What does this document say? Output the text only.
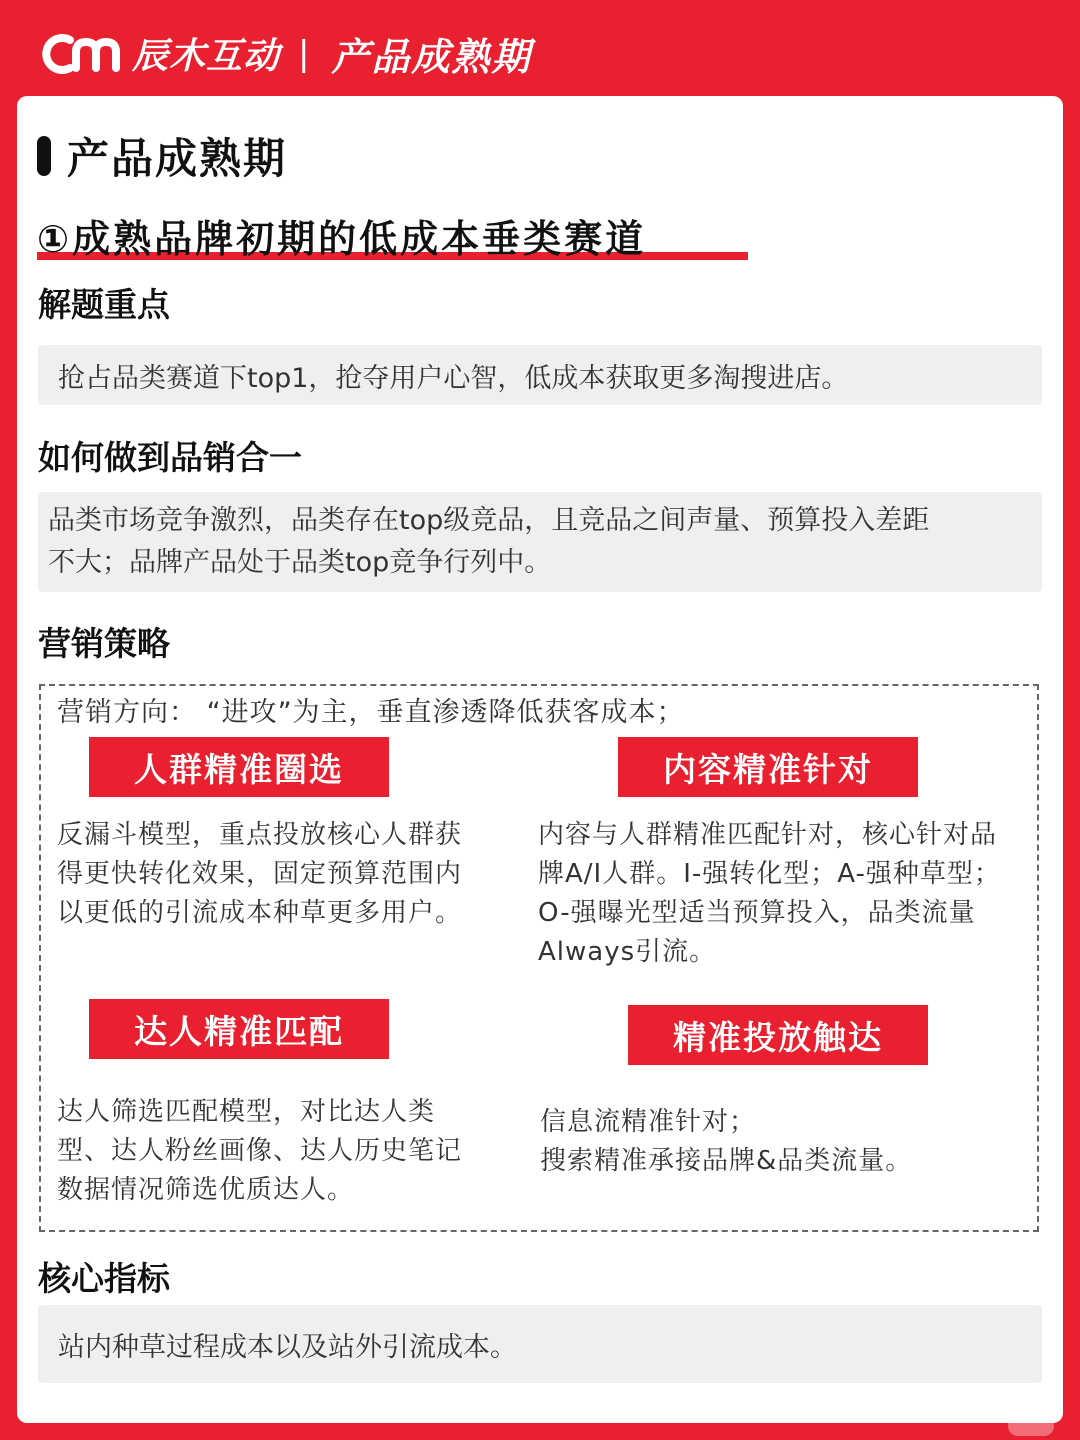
辰木互动 | 产品成熟期
产品成熟期
①成熟品牌初期的低成本垂类赛道
解题重点
抢占品类赛道下top1，抢夺用户心智，低成本获取更多淘搜进店。
如何做到品销合一
品类市场竞争激烈，品类存在top级竞品，且竞品之间声量、预算投入差距
不大；品牌产品处于品类top竞争行列中。
营销策略
营销方向： “进攻”为主，垂直渗透降低获客成本；
人群精准圈选
反漏斗模型，重点投放核心人群获
得更快转化效果，固定预算范围内
以更低的引流成本种草更多用户。
内容精准针对
内容与人群精准匹配针对，核心针对品
牌A/I人群。I-强转化型；A-强种草型；
O-强曝光型适当预算投入，品类流量
Always引流。
达人精准匹配
达人筛选匹配模型，对比达人类
型、达人粉丝画像、达人历史笔记
数据情况筛选优质达人。
精准投放触达
信息流精准针对；
搜索精准承接品牌&品类流量。
核心指标
站内种草过程成本以及站外引流成本。
